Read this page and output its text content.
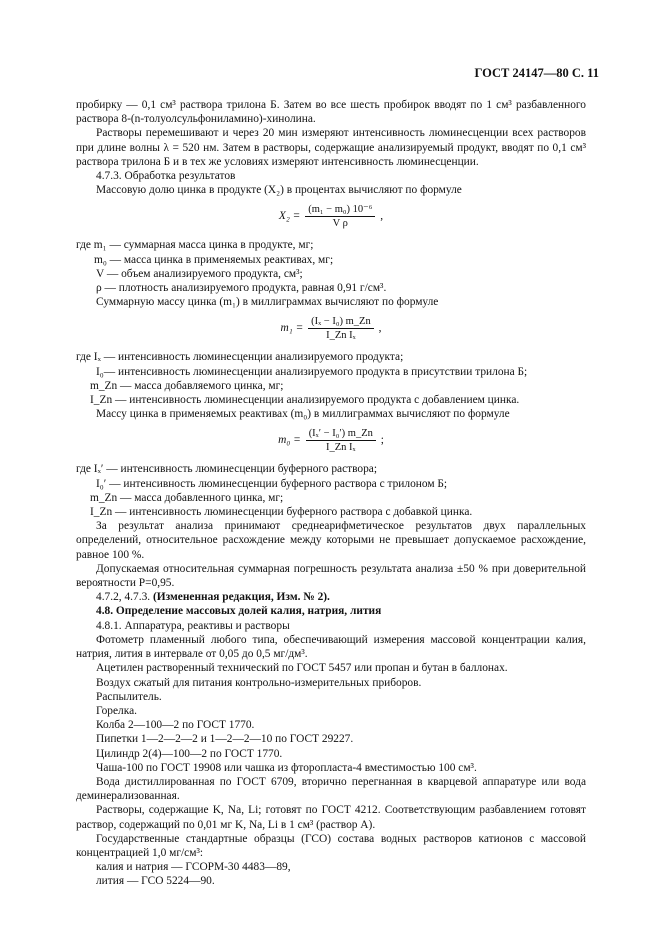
ГОСТ 24147—80 С. 11

пробирку — 0,1 см³ раствора трилона Б. Затем во все шесть пробирок вводят по 1 см³ разбавленного раствора 8-(n-толуолсульфониламино)-хинолина.

Растворы перемешивают и через 20 мин измеряют интенсивность люминесценции всех растворов при длине волны λ = 520 нм. Затем в растворы, содержащие анализируемый продукт, вводят по 0,1 см³ раствора трилона Б и в тех же условиях измеряют интенсивность люминесценции.

4.7.3. Обработка результатов

Массовую долю цинка в продукте (X₂) в процентах вычисляют по формуле

$X_2 = \frac{\text{(m₁ − m₀) 10⁻⁶}}{\text{V ρ}}$ ,

где m₁ — суммарная масса цинка в продукте, мг;

m₀ — масса цинка в применяемых реактивах, мг;

V — объем анализируемого продукта, см³;

ρ — плотность анализируемого продукта, равная 0,91 г/см³.

Суммарную массу цинка (m₁) в миллиграммах вычисляют по формуле

$m_1 = \frac{\text{(Iₓ − I₀) m\_Zn}}{\text{I\_Zn Iₓ}}$ ,

где Iₓ — интенсивность люминесценции анализируемого продукта;

I₀— интенсивность люминесценции анализируемого продукта в присутствии трилона Б;

m_Zn — масса добавляемого цинка, мг;

I_Zn — интенсивность люминесценции анализируемого продукта с добавлением цинка.

Массу цинка в применяемых реактивах (m₀) в миллиграммах вычисляют по формуле

$m_0 = \frac{\text{(Iₓ′ − I₀′) m\_Zn}}{\text{I\_Zn Iₓ}}$ ;

где Iₓ′ — интенсивность люминесценции буферного раствора;

I₀′ — интенсивность люминесценции буферного раствора с трилоном Б;

m_Zn — масса добавленного цинка, мг;

I_Zn — интенсивность люминесценции буферного раствора с добавкой цинка.

За результат анализа принимают среднеарифметическое результатов двух параллельных определений, относительное расхождение между которыми не превышает допускаемое расхождение, равное 100 %.

Допускаемая относительная суммарная погрешность результата анализа ±50 % при доверительной вероятности P=0,95.

4.7.2, 4.7.3. (Измененная редакция, Изм. № 2).

4.8. Определение массовых долей калия, натрия, лития

4.8.1. Аппаратура, реактивы и растворы

Фотометр пламенный любого типа, обеспечивающий измерения массовой концентрации калия, натрия, лития в интервале от 0,05 до 0,5 мг/дм³.

Ацетилен растворенный технический по ГОСТ 5457 или пропан и бутан в баллонах.

Воздух сжатый для питания контрольно-измерительных приборов.

Распылитель.

Горелка.

Колба 2—100—2 по ГОСТ 1770.

Пипетки 1—2—2—2 и 1—2—2—10 по ГОСТ 29227.

Цилиндр 2(4)—100—2 по ГОСТ 1770.

Чаша-100 по ГОСТ 19908 или чашка из фторопласта-4 вместимостью 100 см³.

Вода дистиллированная по ГОСТ 6709, вторично перегнанная в кварцевой аппаратуре или вода деминерализованная.

Растворы, содержащие K, Na, Li; готовят по ГОСТ 4212. Соответствующим разбавлением готовят раствор, содержащий по 0,01 мг K, Na, Li в 1 см³ (раствор А).

Государственные стандартные образцы (ГСО) состава водных растворов катионов с массовой концентрацией 1,0 мг/см³:

калия и натрия — ГСОРМ-30 4483—89,

лития — ГСО 5224—90.
